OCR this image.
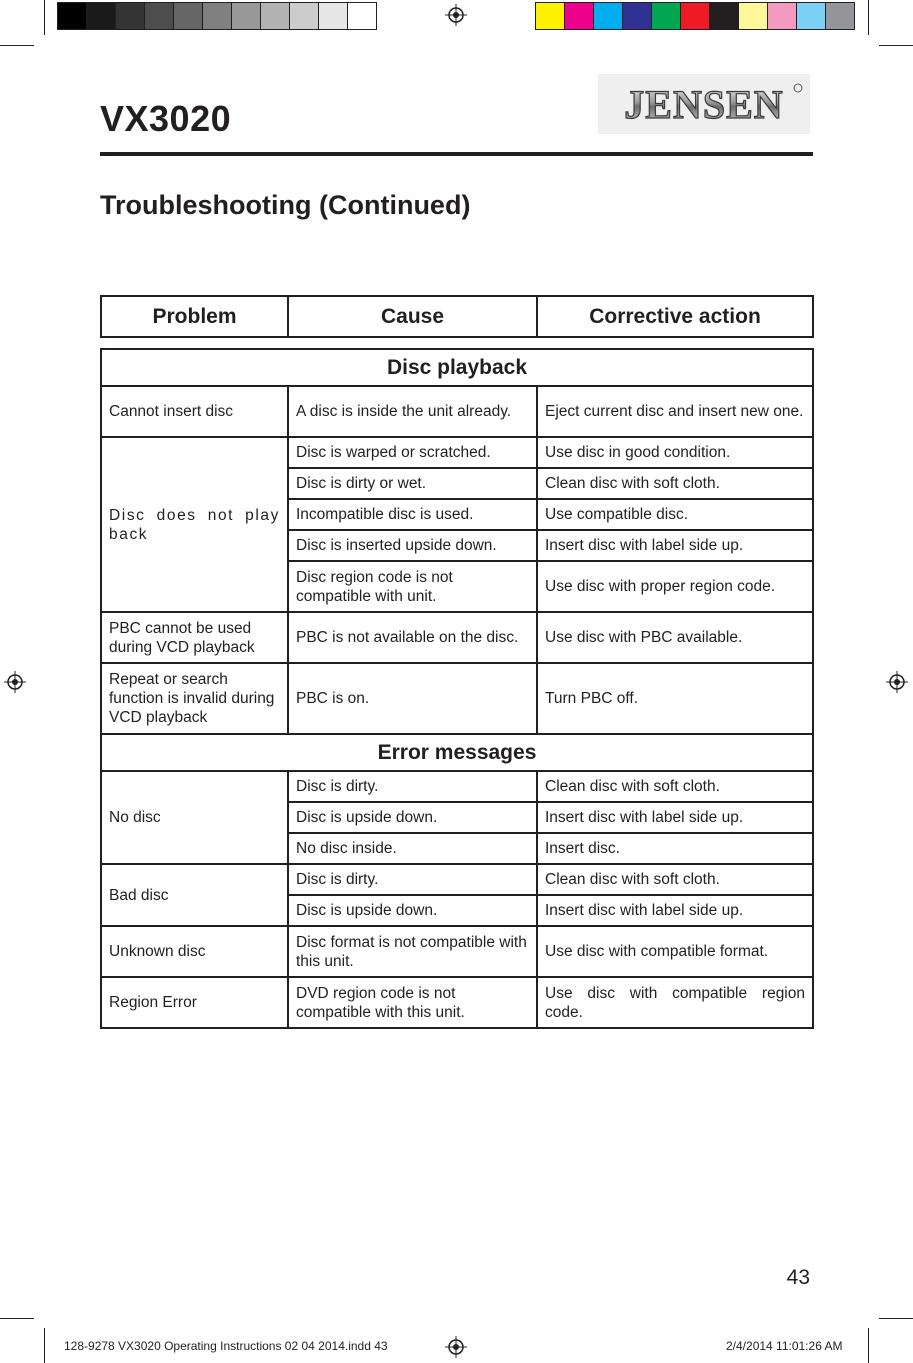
VX3020	JENSEN
Troubleshooting (Continued)
Problem	Cause	Corrective action
Disc playback		
Cannot insert disc	A disc is inside the unit already.	Eject current disc and insert new one.
Disc does not play back	Disc is warped or scratched.	Use disc in good condition.
	Disc is dirty or wet.	Clean disc with soft cloth.
	Incompatible disc is used.	Use compatible disc.
	Disc is inserted upside down.	Insert disc with label side up.
	Disc region code is not compatible with unit.	Use disc with proper region code.
PBC cannot be used during VCD playback	PBC is not available on the disc.	Use disc with PBC available.
Repeat or search function is invalid during VCD playback	PBC is on.	Turn PBC off.
Error messages		
No disc	Disc is dirty.	Clean disc with soft cloth.
	Disc is upside down.	Insert disc with label side up.
	No disc inside.	Insert disc.
Bad disc	Disc is dirty.	Clean disc with soft cloth.
	Disc is upside down.	Insert disc with label side up.
Unknown disc	Disc format is not compatible with this unit.	Use disc with compatible format.
Region Error	DVD region code is not compatible with this unit.	Use disc with compatible region code.
43
128-9278 VX3020 Operating Instructions 02 04 2014.indd 43	2/4/2014 11:01:26 AM
